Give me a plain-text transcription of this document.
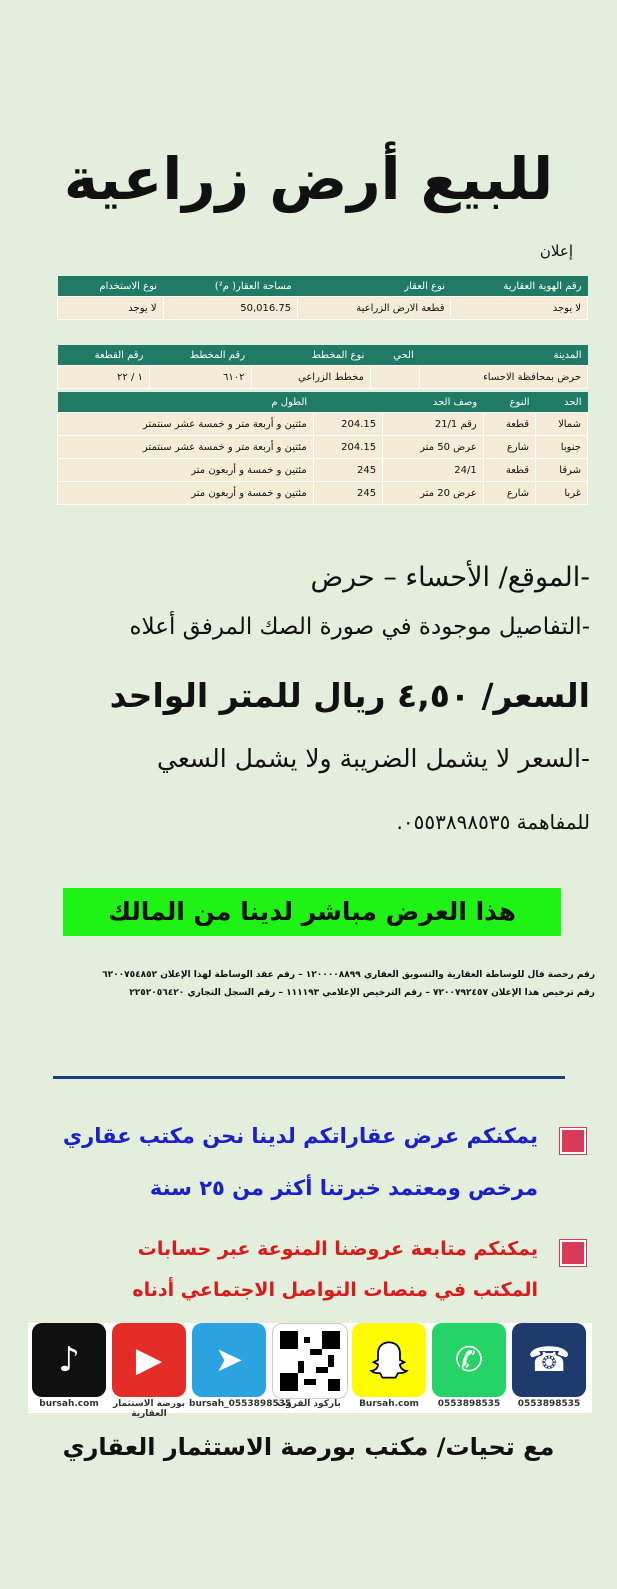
للبيع أرض زراعية
إعلان
رقم الهوية العقارية	نوع العقار	مساحة العقار( م²)	نوع الاستخدام
لا يوجد	قطعة الارض الزراعية	50,016.75	لا يوجد
المدينة	الحي	نوع المخطط	رقم المخطط	رقم القطعة
حرض بمحافظة الاحساء		مخطط الزراعي	٦١٠٢	١ / ٢٢
الحد	النوع	وصف الحد		الطول م
شمالا	قطعة	رقم 21/1	204.15	مئتين و أربعة متر و خمسة عشر سنتمتر
جنوبا	شارع	عرض 50 متر	204.15	مئتين و أربعة متر و خمسة عشر سنتمتر
شرقا	قطعة	24/1	245	مئتين و خمسة و أربعون متر
غربا	شارع	عرض 20 متر	245	مئتين و خمسة و أربعون متر
-الموقع/ الأحساء – حرض
-التفاصيل موجودة في صورة الصك المرفق أعلاه
السعر/ ٤,٥٠ ريال للمتر الواحد
-السعر لا يشمل الضريبة ولا يشمل السعي
للمفاهمة ٠٥٥٣٨٩٨٥٣٥.
هذا العرض مباشر لدينا من المالك
رقم رخصة فال للوساطة العقارية والتسويق العقاري ١٢٠٠٠٠٨٨٩٩ – رقم عقد الوساطة لهذا الإعلان ٦٢٠٠٧٥٤٨٥٢
رقم ترخيص هذا الإعلان ٧٢٠٠٧٩٢٤٥٧ – رقم الترخيص الإعلامي ١١١١٩٣ – رقم السجل التجاري ٢٢٥٢٠٥٦٤٢٠
يمكنكم عرض عقاراتكم لدينا نحن مكتب عقاري
مرخص ومعتمد خبرتنا أكثر من ٢٥ سنة
يمكنكم متابعة عروضنا المنوعة عبر حسابات
المكتب في منصات التواصل الاجتماعي أدناه
♪
bursah.com
▶
بورصة الاستثمار العقارية
➤
bursah_0553898535
باركود القروب	Bursah.com
✆
0553898535
☎
0553898535
مع تحيات/ مكتب بورصة الاستثمار العقاري
